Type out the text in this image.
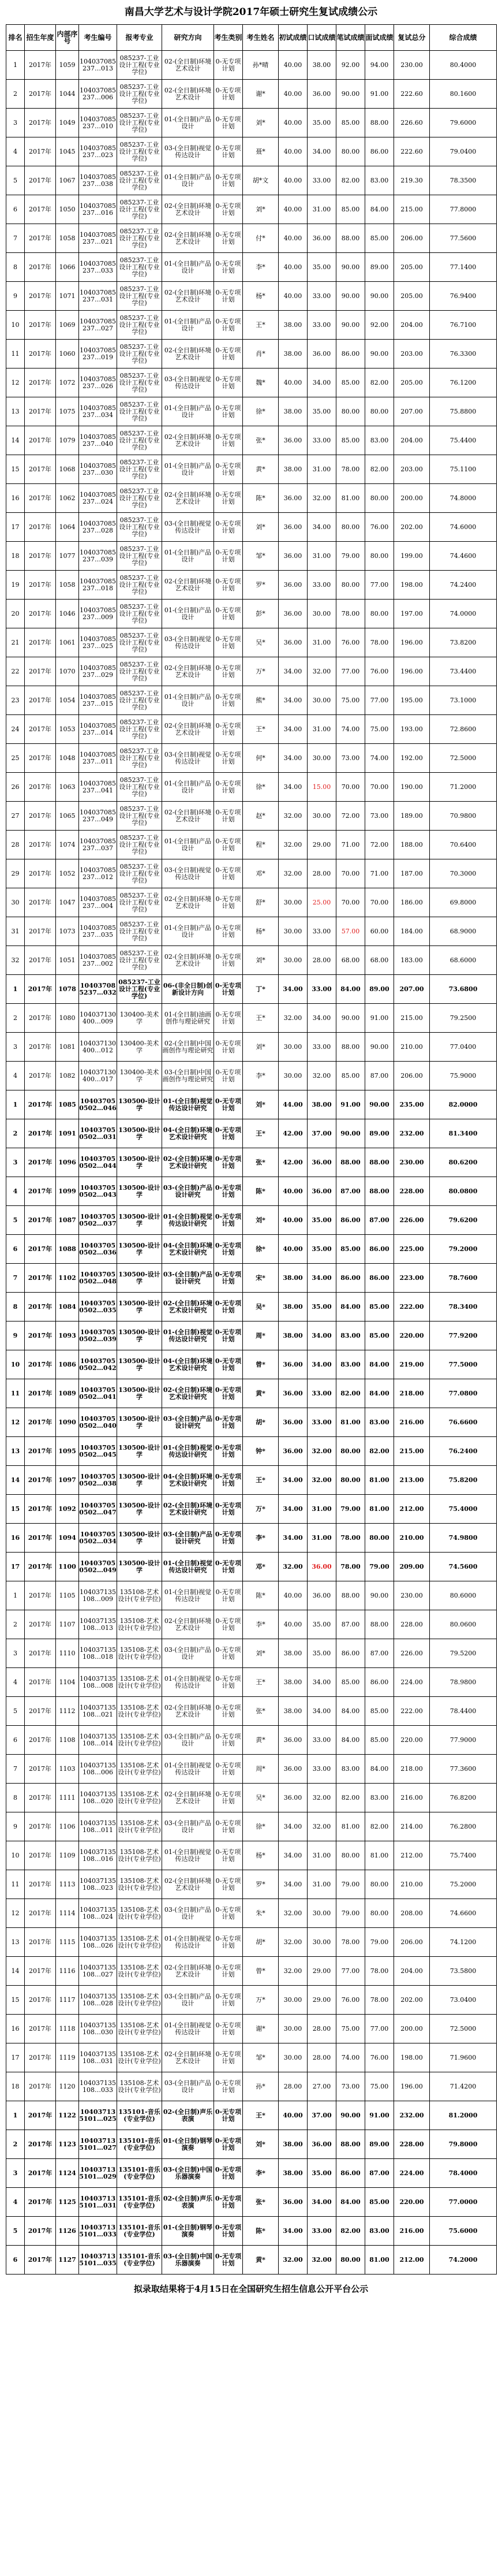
南昌大学艺术与设计学院2017年硕士研究生复试成绩公示
排名	招生年度	内部序号	考生编号	报考专业	研究方向	考生类别	考生姓名	初试成绩	口试成绩	笔试成绩	面试成绩	复试总分	综合成绩
1	2017年	1059	104037085237…013	085237-工业设计工程(专业学位)	02-(全日制)环境艺术设计	0-无专项计划	孙*晴	40.00	38.00	92.00	94.00	230.00	80.4000
2	2017年	1044	104037085237…006	085237-工业设计工程(专业学位)	02-(全日制)环境艺术设计	0-无专项计划	谢*	40.00	36.00	90.00	91.00	222.60	80.1600
3	2017年	1049	104037085237…010	085237-工业设计工程(专业学位)	01-(全日制)产品设计	0-无专项计划	刘*	40.00	35.00	85.00	88.00	226.60	79.6000
4	2017年	1045	104037085237…023	085237-工业设计工程(专业学位)	03-(全日制)视觉传达设计	0-无专项计划	聂*	40.00	34.00	80.00	86.00	222.60	79.0400
5	2017年	1067	104037085237…038	085237-工业设计工程(专业学位)	01-(全日制)产品设计	0-无专项计划	胡*文	40.00	33.00	82.00	83.00	219.30	78.3500
6	2017年	1050	104037085237…016	085237-工业设计工程(专业学位)	02-(全日制)环境艺术设计	0-无专项计划	刘*	40.00	31.00	85.00	84.00	215.00	77.8000
7	2017年	1058	104037085237…021	085237-工业设计工程(专业学位)	02-(全日制)环境艺术设计	0-无专项计划	付*	40.00	36.00	88.00	85.00	206.00	77.5600
8	2017年	1066	104037085237…033	085237-工业设计工程(专业学位)	01-(全日制)产品设计	0-无专项计划	李*	40.00	35.00	90.00	89.00	205.00	77.1400
9	2017年	1071	104037085237…031	085237-工业设计工程(专业学位)	02-(全日制)环境艺术设计	0-无专项计划	杨*	40.00	33.00	90.00	90.00	205.00	76.9400
10	2017年	1069	104037085237…027	085237-工业设计工程(专业学位)	01-(全日制)产品设计	0-无专项计划	王*	38.00	33.00	90.00	92.00	204.00	76.7100
11	2017年	1060	104037085237…019	085237-工业设计工程(专业学位)	02-(全日制)环境艺术设计	0-无专项计划	肖*	38.00	36.00	86.00	90.00	203.00	76.3300
12	2017年	1072	104037085237…026	085237-工业设计工程(专业学位)	03-(全日制)视觉传达设计	0-无专项计划	魏*	40.00	34.00	85.00	82.00	205.00	76.1200
13	2017年	1075	104037085237…034	085237-工业设计工程(专业学位)	01-(全日制)产品设计	0-无专项计划	徐*	38.00	35.00	80.00	80.00	207.00	75.8800
14	2017年	1079	104037085237…040	085237-工业设计工程(专业学位)	02-(全日制)环境艺术设计	0-无专项计划	张*	36.00	33.00	85.00	83.00	204.00	75.4400
15	2017年	1068	104037085237…030	085237-工业设计工程(专业学位)	01-(全日制)产品设计	0-无专项计划	黄*	38.00	31.00	78.00	82.00	203.00	75.1100
16	2017年	1062	104037085237…024	085237-工业设计工程(专业学位)	02-(全日制)环境艺术设计	0-无专项计划	陈*	36.00	32.00	81.00	80.00	200.00	74.8000
17	2017年	1064	104037085237…028	085237-工业设计工程(专业学位)	03-(全日制)视觉传达设计	0-无专项计划	刘*	36.00	34.00	80.00	76.00	202.00	74.6000
18	2017年	1077	104037085237…039	085237-工业设计工程(专业学位)	01-(全日制)产品设计	0-无专项计划	邹*	36.00	31.00	79.00	80.00	199.00	74.4600
19	2017年	1058	104037085237…018	085237-工业设计工程(专业学位)	02-(全日制)环境艺术设计	0-无专项计划	罗*	36.00	33.00	80.00	77.00	198.00	74.2400
20	2017年	1046	104037085237…009	085237-工业设计工程(专业学位)	01-(全日制)产品设计	0-无专项计划	彭*	36.00	30.00	78.00	80.00	197.00	74.0000
21	2017年	1061	104037085237…025	085237-工业设计工程(专业学位)	03-(全日制)视觉传达设计	0-无专项计划	吴*	36.00	31.00	76.00	78.00	196.00	73.8200
22	2017年	1070	104037085237…029	085237-工业设计工程(专业学位)	02-(全日制)环境艺术设计	0-无专项计划	万*	34.00	32.00	77.00	76.00	196.00	73.4400
23	2017年	1054	104037085237…015	085237-工业设计工程(专业学位)	01-(全日制)产品设计	0-无专项计划	熊*	34.00	30.00	75.00	77.00	195.00	73.1000
24	2017年	1053	104037085237…014	085237-工业设计工程(专业学位)	02-(全日制)环境艺术设计	0-无专项计划	王*	34.00	31.00	74.00	75.00	193.00	72.8600
25	2017年	1048	104037085237…011	085237-工业设计工程(专业学位)	03-(全日制)视觉传达设计	0-无专项计划	何*	34.00	30.00	73.00	74.00	192.00	72.5000
26	2017年	1063	104037085237…041	085237-工业设计工程(专业学位)	01-(全日制)产品设计	0-无专项计划	徐*	34.00	15.00	70.00	70.00	190.00	71.2000
27	2017年	1065	104037085237…049	085237-工业设计工程(专业学位)	02-(全日制)环境艺术设计	0-无专项计划	赵*	32.00	30.00	72.00	73.00	189.00	70.9800
28	2017年	1074	104037085237…037	085237-工业设计工程(专业学位)	01-(全日制)产品设计	0-无专项计划	程*	32.00	29.00	71.00	72.00	188.00	70.6400
29	2017年	1052	104037085237…012	085237-工业设计工程(专业学位)	03-(全日制)视觉传达设计	0-无专项计划	邓*	32.00	28.00	70.00	71.00	187.00	70.3000
30	2017年	1047	104037085237…004	085237-工业设计工程(专业学位)	02-(全日制)环境艺术设计	0-无专项计划	舒*	30.00	25.00	70.00	70.00	186.00	69.8000
31	2017年	1073	104037085237…035	085237-工业设计工程(专业学位)	01-(全日制)产品设计	0-无专项计划	杨*	30.00	33.00	57.00	60.00	184.00	68.9000
32	2017年	1051	104037085237…002	085237-工业设计工程(专业学位)	02-(全日制)环境艺术设计	0-无专项计划	刘*	30.00	28.00	68.00	68.00	183.00	68.6000
1	2017年	1078	104037085237…032	085237-工业设计工程(专业学位)	06-(非全日制)创新设计方向	0-无专项计划	丁*	34.00	33.00	84.00	89.00	207.00	73.6800
2	2017年	1080	104037130400…009	130400-美术学	01-(全日制)油画创作与理论研究	0-无专项计划	王*	32.00	34.00	90.00	91.00	215.00	79.2500
3	2017年	1081	104037130400…012	130400-美术学	02-(全日制)中国画创作与理论研究	0-无专项计划	刘*	30.00	33.00	88.00	90.00	210.00	77.0400
4	2017年	1082	104037130400…017	130400-美术学	03-(全日制)中国画创作与理论研究	0-无专项计划	李*	30.00	32.00	85.00	87.00	206.00	75.9000
1	2017年	1085	104037050502…046	130500-设计学	01-(全日制)视觉传达设计研究	0-无专项计划	刘*	44.00	38.00	91.00	90.00	235.00	82.0000
2	2017年	1091	104037050502…031	130500-设计学	04-(全日制)环境艺术设计研究	0-无专项计划	王*	42.00	37.00	90.00	89.00	232.00	81.3400
3	2017年	1096	104037050502…044	130500-设计学	02-(全日制)环境艺术设计研究	0-无专项计划	张*	42.00	36.00	88.00	88.00	230.00	80.6200
4	2017年	1099	104037050502…043	130500-设计学	03-(全日制)产品设计研究	0-无专项计划	陈*	40.00	36.00	87.00	88.00	228.00	80.0800
5	2017年	1087	104037050502…037	130500-设计学	01-(全日制)视觉传达设计研究	0-无专项计划	刘*	40.00	35.00	86.00	87.00	226.00	79.6200
6	2017年	1088	104037050502…036	130500-设计学	04-(全日制)环境艺术设计研究	0-无专项计划	徐*	40.00	35.00	85.00	86.00	225.00	79.2000
7	2017年	1102	104037050502…048	130500-设计学	03-(全日制)产品设计研究	0-无专项计划	宋*	38.00	34.00	86.00	86.00	223.00	78.7600
8	2017年	1084	104037050502…035	130500-设计学	02-(全日制)环境艺术设计研究	0-无专项计划	吴*	38.00	35.00	84.00	85.00	222.00	78.3400
9	2017年	1093	104037050502…039	130500-设计学	01-(全日制)视觉传达设计研究	0-无专项计划	周*	38.00	34.00	83.00	85.00	220.00	77.9200
10	2017年	1086	104037050502…042	130500-设计学	04-(全日制)环境艺术设计研究	0-无专项计划	曾*	36.00	34.00	83.00	84.00	219.00	77.5000
11	2017年	1089	104037050502…041	130500-设计学	02-(全日制)环境艺术设计研究	0-无专项计划	黄*	36.00	33.00	82.00	84.00	218.00	77.0800
12	2017年	1090	104037050502…040	130500-设计学	03-(全日制)产品设计研究	0-无专项计划	胡*	36.00	33.00	81.00	83.00	216.00	76.6600
13	2017年	1095	104037050502…045	130500-设计学	01-(全日制)视觉传达设计研究	0-无专项计划	钟*	36.00	32.00	80.00	82.00	215.00	76.2400
14	2017年	1097	104037050502…038	130500-设计学	04-(全日制)环境艺术设计研究	0-无专项计划	王*	34.00	32.00	80.00	81.00	213.00	75.8200
15	2017年	1092	104037050502…047	130500-设计学	02-(全日制)环境艺术设计研究	0-无专项计划	万*	34.00	31.00	79.00	81.00	212.00	75.4000
16	2017年	1094	104037050502…034	130500-设计学	03-(全日制)产品设计研究	0-无专项计划	李*	34.00	31.00	78.00	80.00	210.00	74.9800
17	2017年	1100	104037050502…049	130500-设计学	01-(全日制)视觉传达设计研究	0-无专项计划	邓*	32.00	36.00	78.00	79.00	209.00	74.5600
1	2017年	1105	104037135108…009	135108-艺术设计(专业学位)	01-(全日制)视觉传达设计	0-无专项计划	陈*	40.00	36.00	88.00	90.00	230.00	80.6000
2	2017年	1107	104037135108…013	135108-艺术设计(专业学位)	02-(全日制)环境艺术设计	0-无专项计划	李*	40.00	35.00	87.00	88.00	228.00	80.0600
3	2017年	1110	104037135108…018	135108-艺术设计(专业学位)	03-(全日制)产品设计	0-无专项计划	刘*	38.00	35.00	86.00	87.00	226.00	79.5200
4	2017年	1104	104037135108…008	135108-艺术设计(专业学位)	01-(全日制)视觉传达设计	0-无专项计划	王*	38.00	34.00	85.00	86.00	224.00	78.9800
5	2017年	1112	104037135108…021	135108-艺术设计(专业学位)	02-(全日制)环境艺术设计	0-无专项计划	张*	38.00	34.00	84.00	85.00	222.00	78.4400
6	2017年	1108	104037135108…014	135108-艺术设计(专业学位)	03-(全日制)产品设计	0-无专项计划	黄*	36.00	33.00	84.00	85.00	220.00	77.9000
7	2017年	1103	104037135108…006	135108-艺术设计(专业学位)	01-(全日制)视觉传达设计	0-无专项计划	周*	36.00	33.00	83.00	84.00	218.00	77.3600
8	2017年	1111	104037135108…020	135108-艺术设计(专业学位)	02-(全日制)环境艺术设计	0-无专项计划	吴*	36.00	32.00	82.00	83.00	216.00	76.8200
9	2017年	1106	104037135108…011	135108-艺术设计(专业学位)	03-(全日制)产品设计	0-无专项计划	徐*	34.00	32.00	81.00	82.00	214.00	76.2800
10	2017年	1109	104037135108…016	135108-艺术设计(专业学位)	01-(全日制)视觉传达设计	0-无专项计划	杨*	34.00	31.00	80.00	81.00	212.00	75.7400
11	2017年	1113	104037135108…023	135108-艺术设计(专业学位)	02-(全日制)环境艺术设计	0-无专项计划	罗*	34.00	31.00	79.00	80.00	210.00	75.2000
12	2017年	1114	104037135108…024	135108-艺术设计(专业学位)	03-(全日制)产品设计	0-无专项计划	朱*	32.00	30.00	79.00	80.00	208.00	74.6600
13	2017年	1115	104037135108…026	135108-艺术设计(专业学位)	01-(全日制)视觉传达设计	0-无专项计划	胡*	32.00	30.00	78.00	79.00	206.00	74.1200
14	2017年	1116	104037135108…027	135108-艺术设计(专业学位)	02-(全日制)环境艺术设计	0-无专项计划	曾*	32.00	29.00	77.00	78.00	204.00	73.5800
15	2017年	1117	104037135108…028	135108-艺术设计(专业学位)	03-(全日制)产品设计	0-无专项计划	万*	30.00	29.00	76.00	78.00	202.00	73.0400
16	2017年	1118	104037135108…030	135108-艺术设计(专业学位)	01-(全日制)视觉传达设计	0-无专项计划	谢*	30.00	28.00	75.00	77.00	200.00	72.5000
17	2017年	1119	104037135108…031	135108-艺术设计(专业学位)	02-(全日制)环境艺术设计	0-无专项计划	邹*	30.00	28.00	74.00	76.00	198.00	71.9600
18	2017年	1120	104037135108…033	135108-艺术设计(专业学位)	03-(全日制)产品设计	0-无专项计划	孙*	28.00	27.00	73.00	75.00	196.00	71.4200
1	2017年	1122	104037135101…025	135101-音乐(专业学位)	02-(全日制)声乐表演	0-无专项计划	王*	40.00	37.00	90.00	91.00	232.00	81.2000
2	2017年	1123	104037135101…027	135101-音乐(专业学位)	01-(全日制)钢琴演奏	0-无专项计划	刘*	38.00	36.00	88.00	89.00	228.00	79.8000
3	2017年	1124	104037135101…029	135101-音乐(专业学位)	03-(全日制)中国乐器演奏	0-无专项计划	李*	38.00	35.00	86.00	87.00	224.00	78.4000
4	2017年	1125	104037135101…031	135101-音乐(专业学位)	02-(全日制)声乐表演	0-无专项计划	张*	36.00	34.00	84.00	85.00	220.00	77.0000
5	2017年	1126	104037135101…033	135101-音乐(专业学位)	01-(全日制)钢琴演奏	0-无专项计划	陈*	34.00	33.00	82.00	83.00	216.00	75.6000
6	2017年	1127	104037135101…035	135101-音乐(专业学位)	03-(全日制)中国乐器演奏	0-无专项计划	黄*	32.00	32.00	80.00	81.00	212.00	74.2000
拟录取结果将于4月15日在全国研究生招生信息公开平台公示
